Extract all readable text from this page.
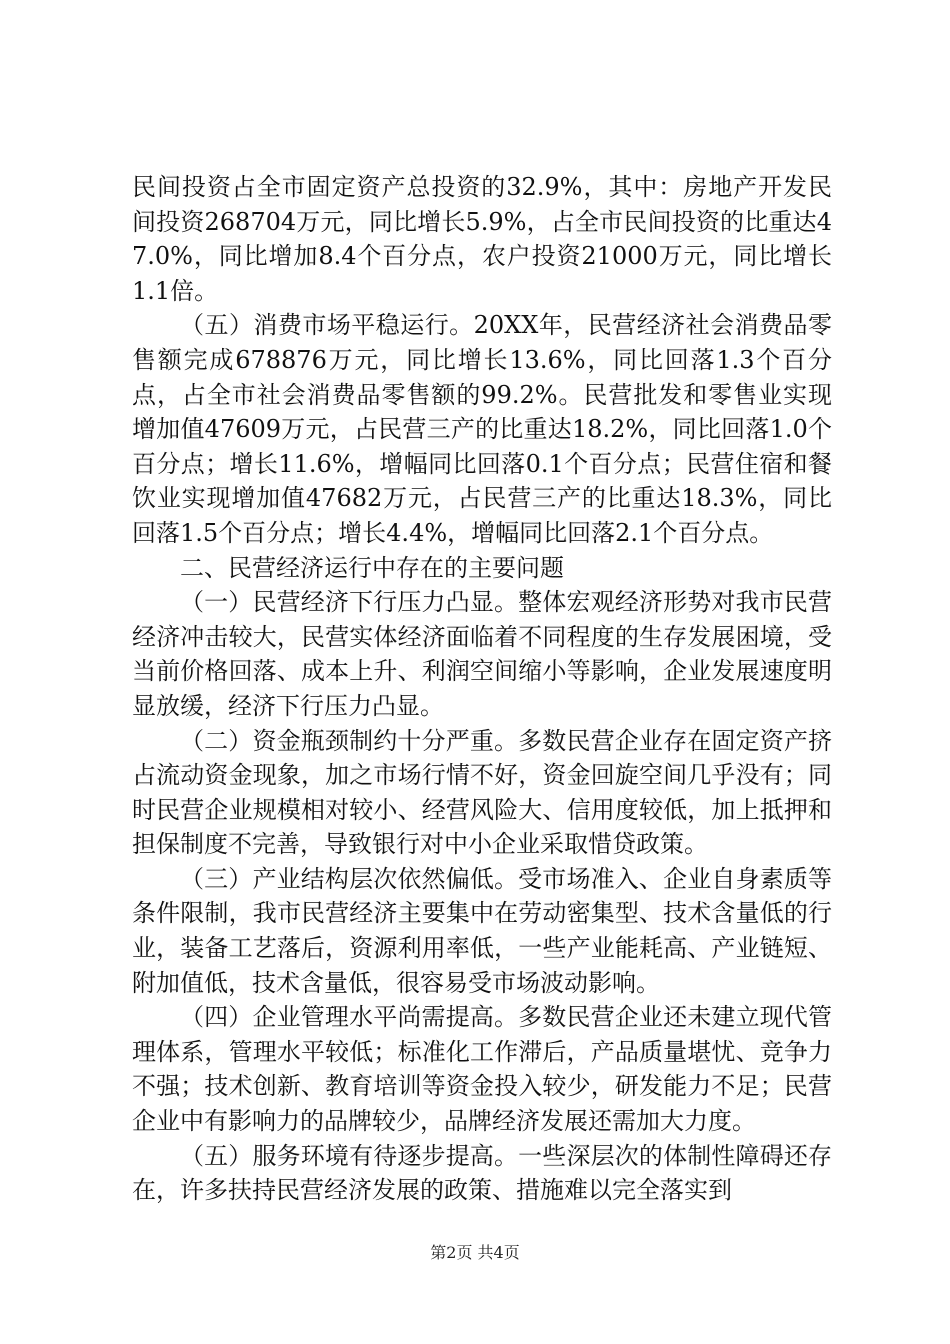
民间投资占全市固定资产总投资的32.9%，其中：房地产开发民间投资268704万元，同比增长5.9%，占全市民间投资的比重达47.0%，同比增加8.4个百分点，农户投资21000万元，同比增长1.1倍。

（五）消费市场平稳运行。20XX年，民营经济社会消费品零售额完成678876万元，同比增长13.6%，同比回落1.3个百分点，占全市社会消费品零售额的99.2%。民营批发和零售业实现增加值47609万元，占民营三产的比重达18.2%，同比回落1.0个百分点；增长11.6%，增幅同比回落0.1个百分点；民营住宿和餐饮业实现增加值47682万元，占民营三产的比重达18.3%，同比回落1.5个百分点；增长4.4%，增幅同比回落2.1个百分点。

二、民营经济运行中存在的主要问题

（一）民营经济下行压力凸显。整体宏观经济形势对我市民营经济冲击较大，民营实体经济面临着不同程度的生存发展困境，受当前价格回落、成本上升、利润空间缩小等影响，企业发展速度明显放缓，经济下行压力凸显。

（二）资金瓶颈制约十分严重。多数民营企业存在固定资产挤占流动资金现象，加之市场行情不好，资金回旋空间几乎没有；同时民营企业规模相对较小、经营风险大、信用度较低，加上抵押和担保制度不完善，导致银行对中小企业采取惜贷政策。

（三）产业结构层次依然偏低。受市场准入、企业自身素质等条件限制，我市民营经济主要集中在劳动密集型、技术含量低的行业，装备工艺落后，资源利用率低，一些产业能耗高、产业链短、附加值低，技术含量低，很容易受市场波动影响。

（四）企业管理水平尚需提高。多数民营企业还未建立现代管理体系，管理水平较低；标准化工作滞后，产品质量堪忧、竞争力不强；技术创新、教育培训等资金投入较少，研发能力不足；民营企业中有影响力的品牌较少，品牌经济发展还需加大力度。

（五）服务环境有待逐步提高。一些深层次的体制性障碍还存在，许多扶持民营经济发展的政策、措施难以完全落实到

第2页 共4页
